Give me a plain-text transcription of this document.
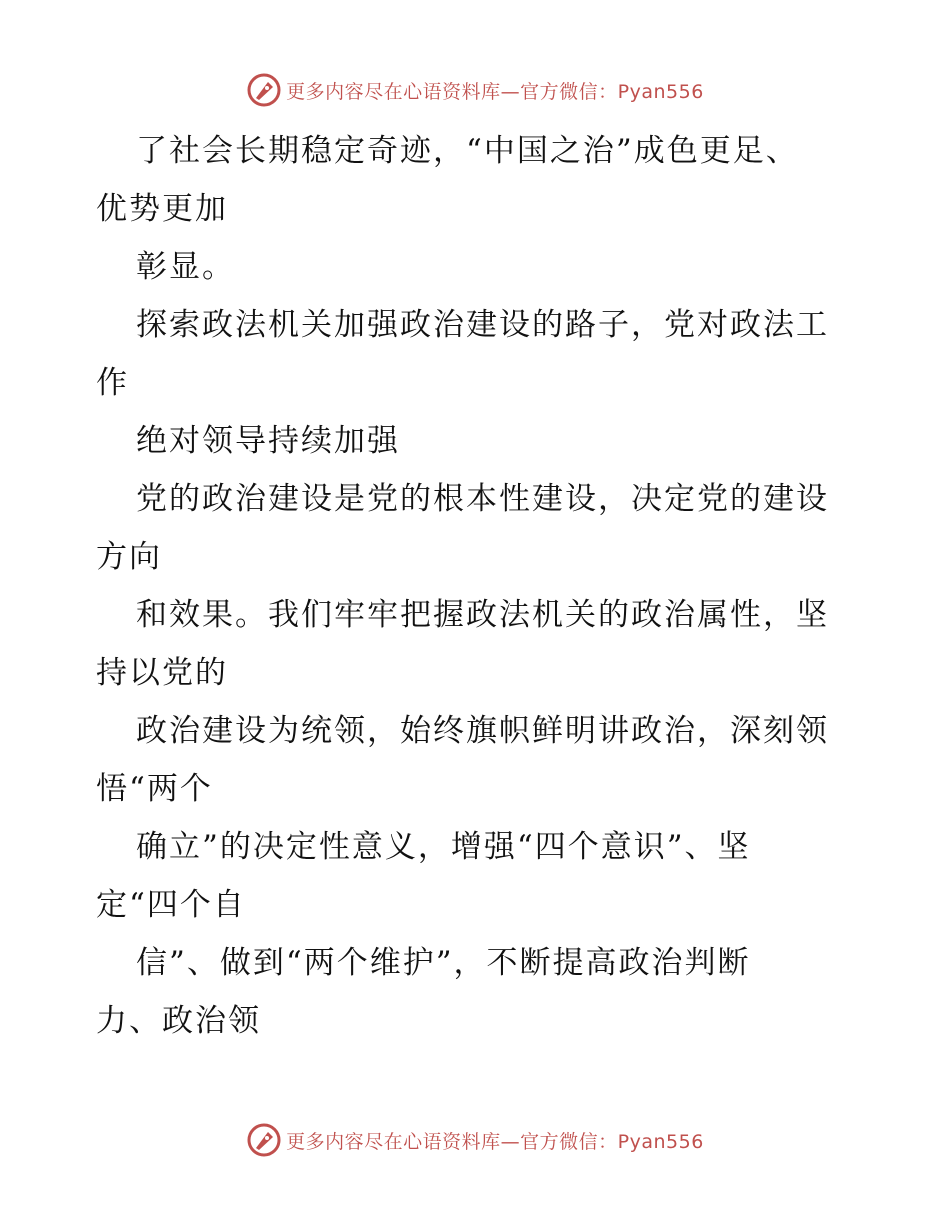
更多内容尽在心语资料库—官方微信：Pyan556

了社会长期稳定奇迹，“中国之治”成色更足、

优势更加

彰显。

探索政法机关加强政治建设的路子，党对政法工

作

绝对领导持续加强

党的政治建设是党的根本性建设，决定党的建设

方向

和效果。我们牢牢把握政法机关的政治属性，坚

持以党的

政治建设为统领，始终旗帜鲜明讲政治，深刻领

悟“两个

确立”的决定性意义，增强“四个意识”、坚

定“四个自

信”、做到“两个维护”，不断提高政治判断

力、政治领

更多内容尽在心语资料库—官方微信：Pyan556
